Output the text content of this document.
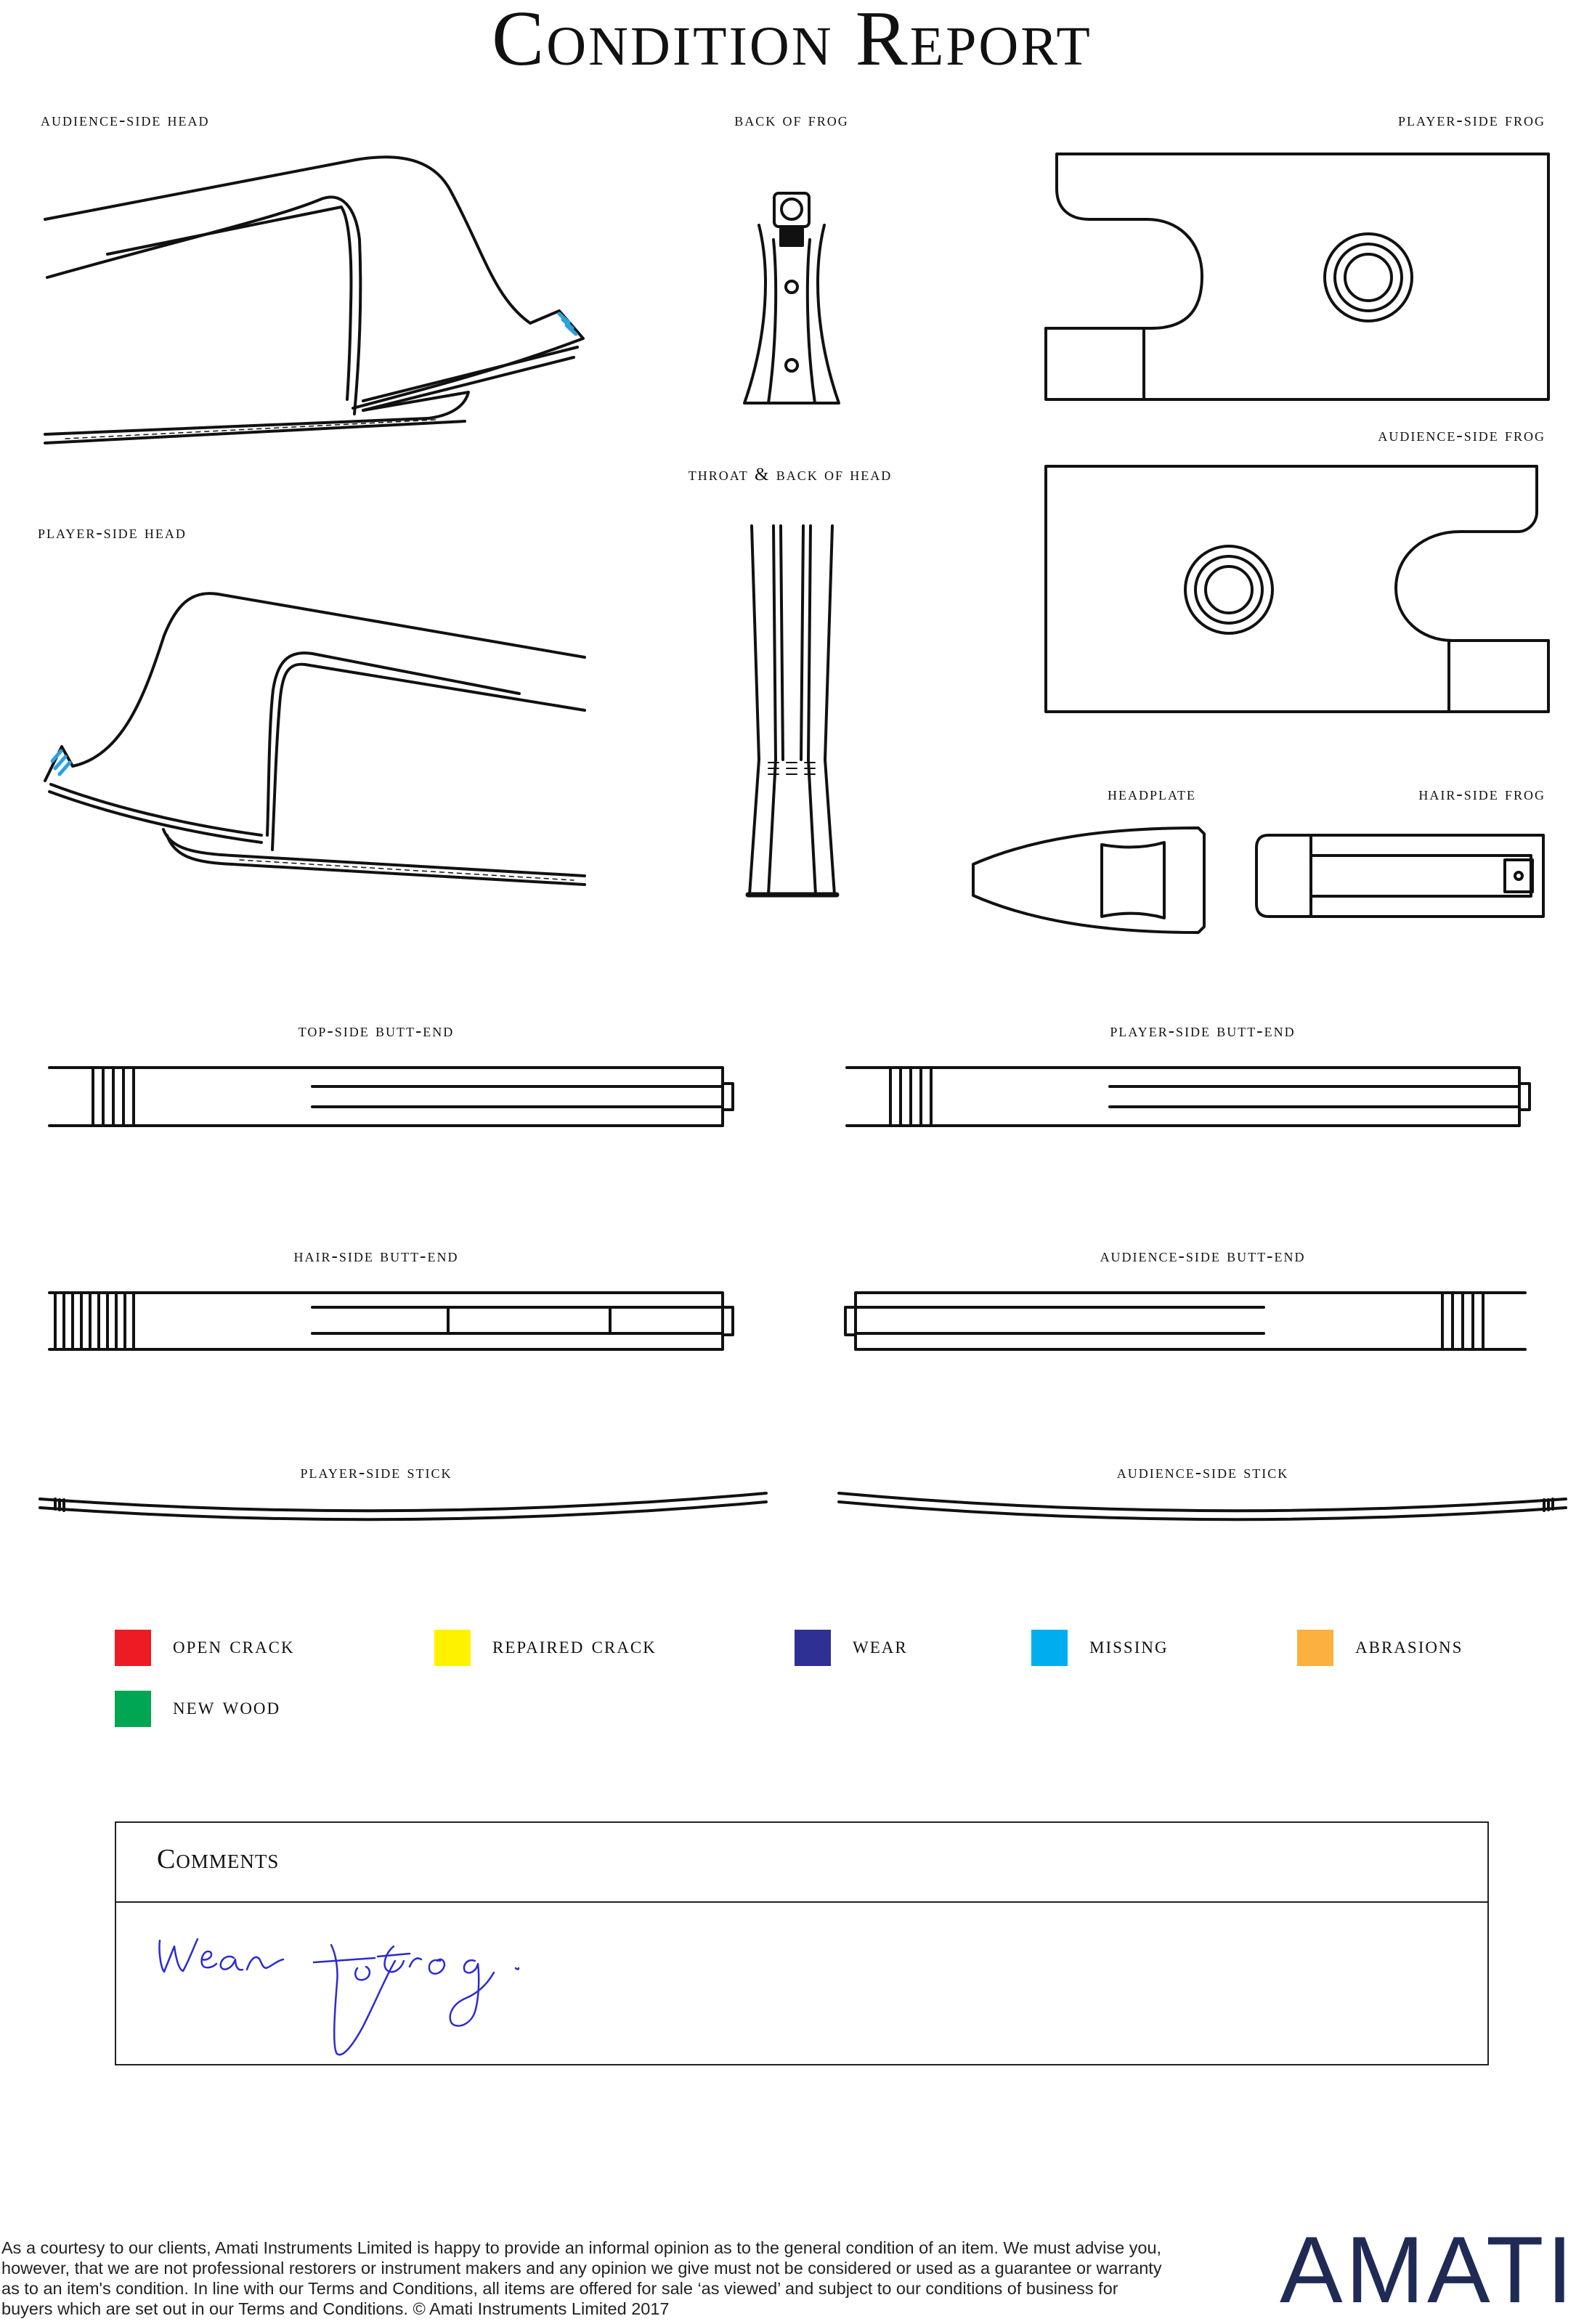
Condition Report
audience-side head	back of frog	player-side frog
audience-side frog
throat & back of head
player-side head
headplate	hair-side frog
top-side butt-end	player-side butt-end
hair-side butt-end	audience-side butt-end
player-side stick	audience-side stick
open crack	repaired crack	wear	missing	abrasions
new wood
Comments

As a courtesy to our clients, Amati Instruments Limited is happy to provide an informal opinion as to the general condition of an item. We must advise you, however, that we are not professional restorers or instrument makers and any opinion we give must not be considered or used as a guarantee or warranty as to an item's condition. In line with our Terms and Conditions, all items are offered for sale ‘as viewed’ and subject to our conditions of business for buyers which are set out in our Terms and Conditions. © Amati Instruments Limited 2017	AMATI
